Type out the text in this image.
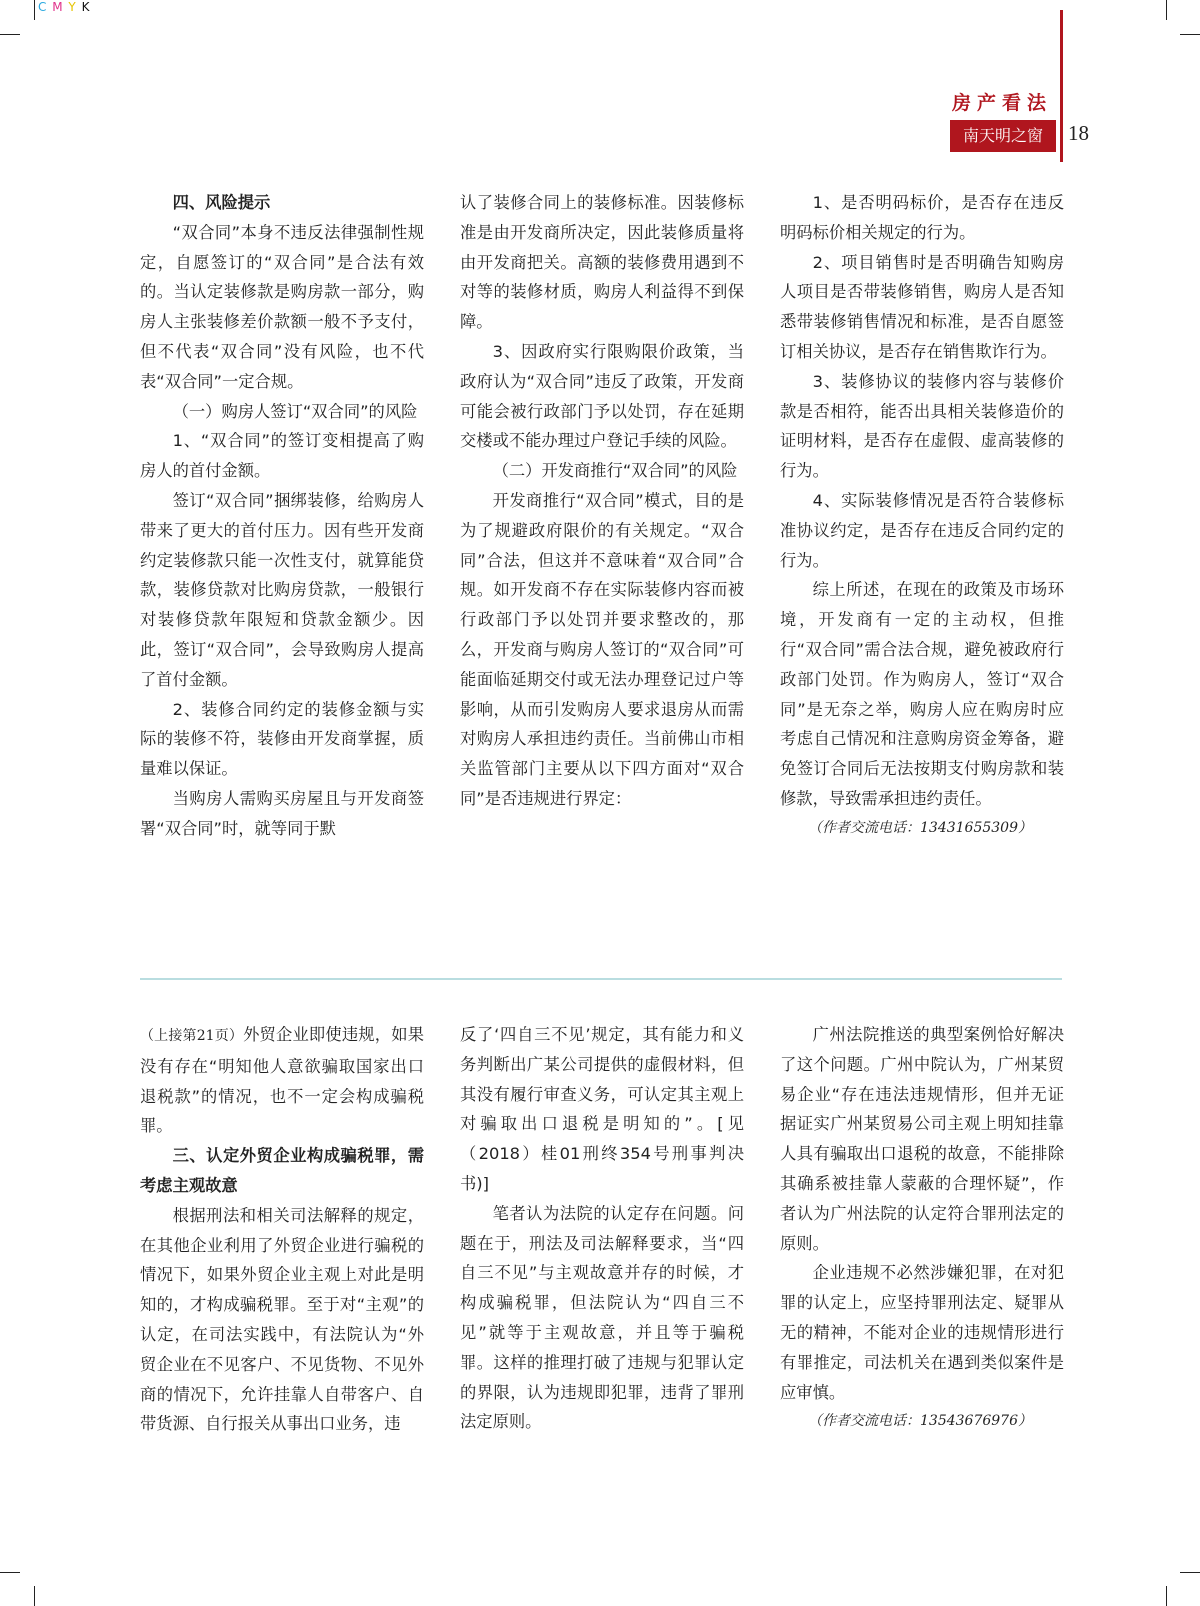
C M Y K
房产看法
南天明之窗	18

四、风险提示

“双合同”本身不违反法律强制性规定，自愿签订的“双合同”是合法有效的。当认定装修款是购房款一部分，购房人主张装修差价款额一般不予支付，但不代表“双合同”没有风险，也不代表“双合同”一定合规。

（一）购房人签订“双合同”的风险

1、“双合同”的签订变相提高了购房人的首付金额。

签订“双合同”捆绑装修，给购房人带来了更大的首付压力。因有些开发商约定装修款只能一次性支付，就算能贷款，装修贷款对比购房贷款，一般银行对装修贷款年限短和贷款金额少。因此，签订“双合同”，会导致购房人提高了首付金额。

2、装修合同约定的装修金额与实际的装修不符，装修由开发商掌握，质量难以保证。

当购房人需购买房屋且与开发商签署“双合同”时，就等同于默

认了装修合同上的装修标准。因装修标准是由开发商所决定，因此装修质量将由开发商把关。高额的装修费用遇到不对等的装修材质，购房人利益得不到保障。

3、因政府实行限购限价政策，当政府认为“双合同”违反了政策，开发商可能会被行政部门予以处罚，存在延期交楼或不能办理过户登记手续的风险。

（二）开发商推行“双合同”的风险

开发商推行“双合同”模式，目的是为了规避政府限价的有关规定。“双合同”合法，但这并不意味着“双合同”合规。如开发商不存在实际装修内容而被行政部门予以处罚并要求整改的，那么，开发商与购房人签订的“双合同”可能面临延期交付或无法办理登记过户等影响，从而引发购房人要求退房从而需对购房人承担违约责任。当前佛山市相关监管部门主要从以下四方面对“双合同”是否违规进行界定：

1、是否明码标价，是否存在违反明码标价相关规定的行为。

2、项目销售时是否明确告知购房人项目是否带装修销售，购房人是否知悉带装修销售情况和标准，是否自愿签订相关协议，是否存在销售欺诈行为。

3、装修协议的装修内容与装修价款是否相符，能否出具相关装修造价的证明材料，是否存在虚假、虚高装修的行为。

4、实际装修情况是否符合装修标准协议约定，是否存在违反合同约定的行为。

综上所述，在现在的政策及市场环境，开发商有一定的主动权，但推行“双合同”需合法合规，避免被政府行政部门处罚。作为购房人，签订“双合同”是无奈之举，购房人应在购房时应考虑自己情况和注意购房资金筹备，避免签订合同后无法按期支付购房款和装修款，导致需承担违约责任。

（作者交流电话：13431655309）

（上接第21页）外贸企业即使违规，如果没有存在“明知他人意欲骗取国家出口退税款”的情况，也不一定会构成骗税罪。

三、认定外贸企业构成骗税罪，需考虑主观故意

根据刑法和相关司法解释的规定，在其他企业利用了外贸企业进行骗税的情况下，如果外贸企业主观上对此是明知的，才构成骗税罪。至于对“主观”的认定，在司法实践中，有法院认为“外贸企业在不见客户、不见货物、不见外商的情况下，允许挂靠人自带客户、自带货源、自行报关从事出口业务，违

反了‘四自三不见’规定，其有能力和义务判断出广某公司提供的虚假材料，但其没有履行审查义务，可认定其主观上对骗取出口退税是明知的”。[见（2018）桂01刑终354号刑事判决书)]

笔者认为法院的认定存在问题。问题在于，刑法及司法解释要求，当“四自三不见”与主观故意并存的时候，才构成骗税罪，但法院认为“四自三不见”就等于主观故意，并且等于骗税罪。这样的推理打破了违规与犯罪认定的界限，认为违规即犯罪，违背了罪刑法定原则。

广州法院推送的典型案例恰好解决了这个问题。广州中院认为，广州某贸易企业“存在违法违规情形，但并无证据证实广州某贸易公司主观上明知挂靠人具有骗取出口退税的故意，不能排除其确系被挂靠人蒙蔽的合理怀疑”，作者认为广州法院的认定符合罪刑法定的原则。

企业违规不必然涉嫌犯罪，在对犯罪的认定上，应坚持罪刑法定、疑罪从无的精神，不能对企业的违规情形进行有罪推定，司法机关在遇到类似案件是应审慎。

（作者交流电话：13543676976）
